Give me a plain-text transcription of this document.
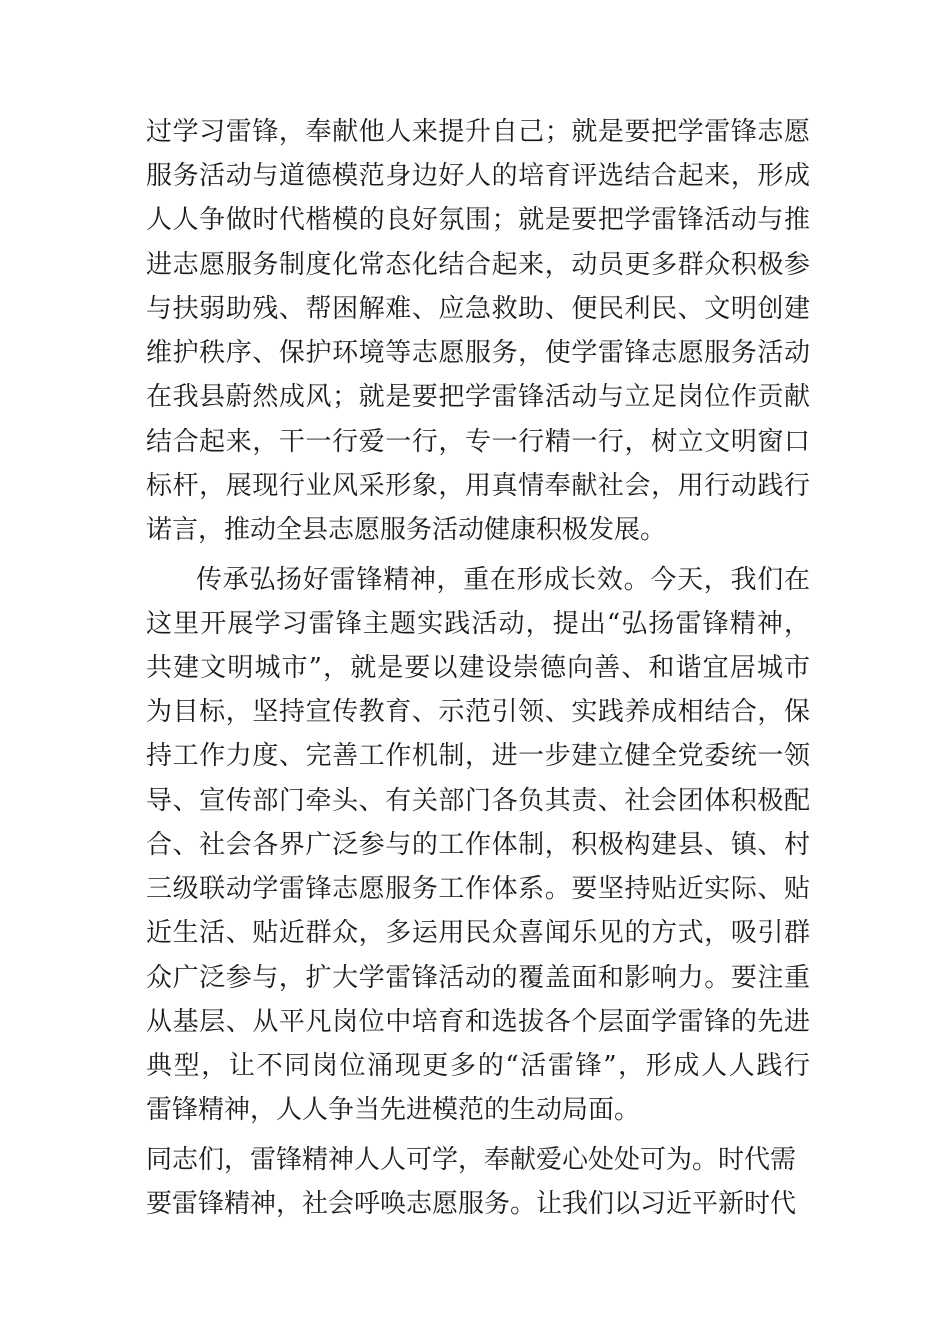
过学习雷锋，奉献他人来提升自己；就是要把学雷锋志愿
服务活动与道德模范身边好人的培育评选结合起来，形成
人人争做时代楷模的良好氛围；就是要把学雷锋活动与推
进志愿服务制度化常态化结合起来，动员更多群众积极参
与扶弱助残、帮困解难、应急救助、便民利民、文明创建
维护秩序、保护环境等志愿服务，使学雷锋志愿服务活动
在我县蔚然成风；就是要把学雷锋活动与立足岗位作贡献
结合起来，干一行爱一行，专一行精一行，树立文明窗口
标杆，展现行业风采形象，用真情奉献社会，用行动践行
诺言，推动全县志愿服务活动健康积极发展。
传承弘扬好雷锋精神，重在形成长效。今天，我们在
这里开展学习雷锋主题实践活动，提出“弘扬雷锋精神，
共建文明城市”，就是要以建设崇德向善、和谐宜居城市
为目标，坚持宣传教育、示范引领、实践养成相结合，保
持工作力度、完善工作机制，进一步建立健全党委统一领
导、宣传部门牵头、有关部门各负其责、社会团体积极配
合、社会各界广泛参与的工作体制，积极构建县、镇、村
三级联动学雷锋志愿服务工作体系。要坚持贴近实际、贴
近生活、贴近群众，多运用民众喜闻乐见的方式，吸引群
众广泛参与，扩大学雷锋活动的覆盖面和影响力。要注重
从基层、从平凡岗位中培育和选拔各个层面学雷锋的先进
典型，让不同岗位涌现更多的“活雷锋”，形成人人践行
雷锋精神，人人争当先进模范的生动局面。
同志们，雷锋精神人人可学，奉献爱心处处可为。时代需
要雷锋精神，社会呼唤志愿服务。让我们以习近平新时代
